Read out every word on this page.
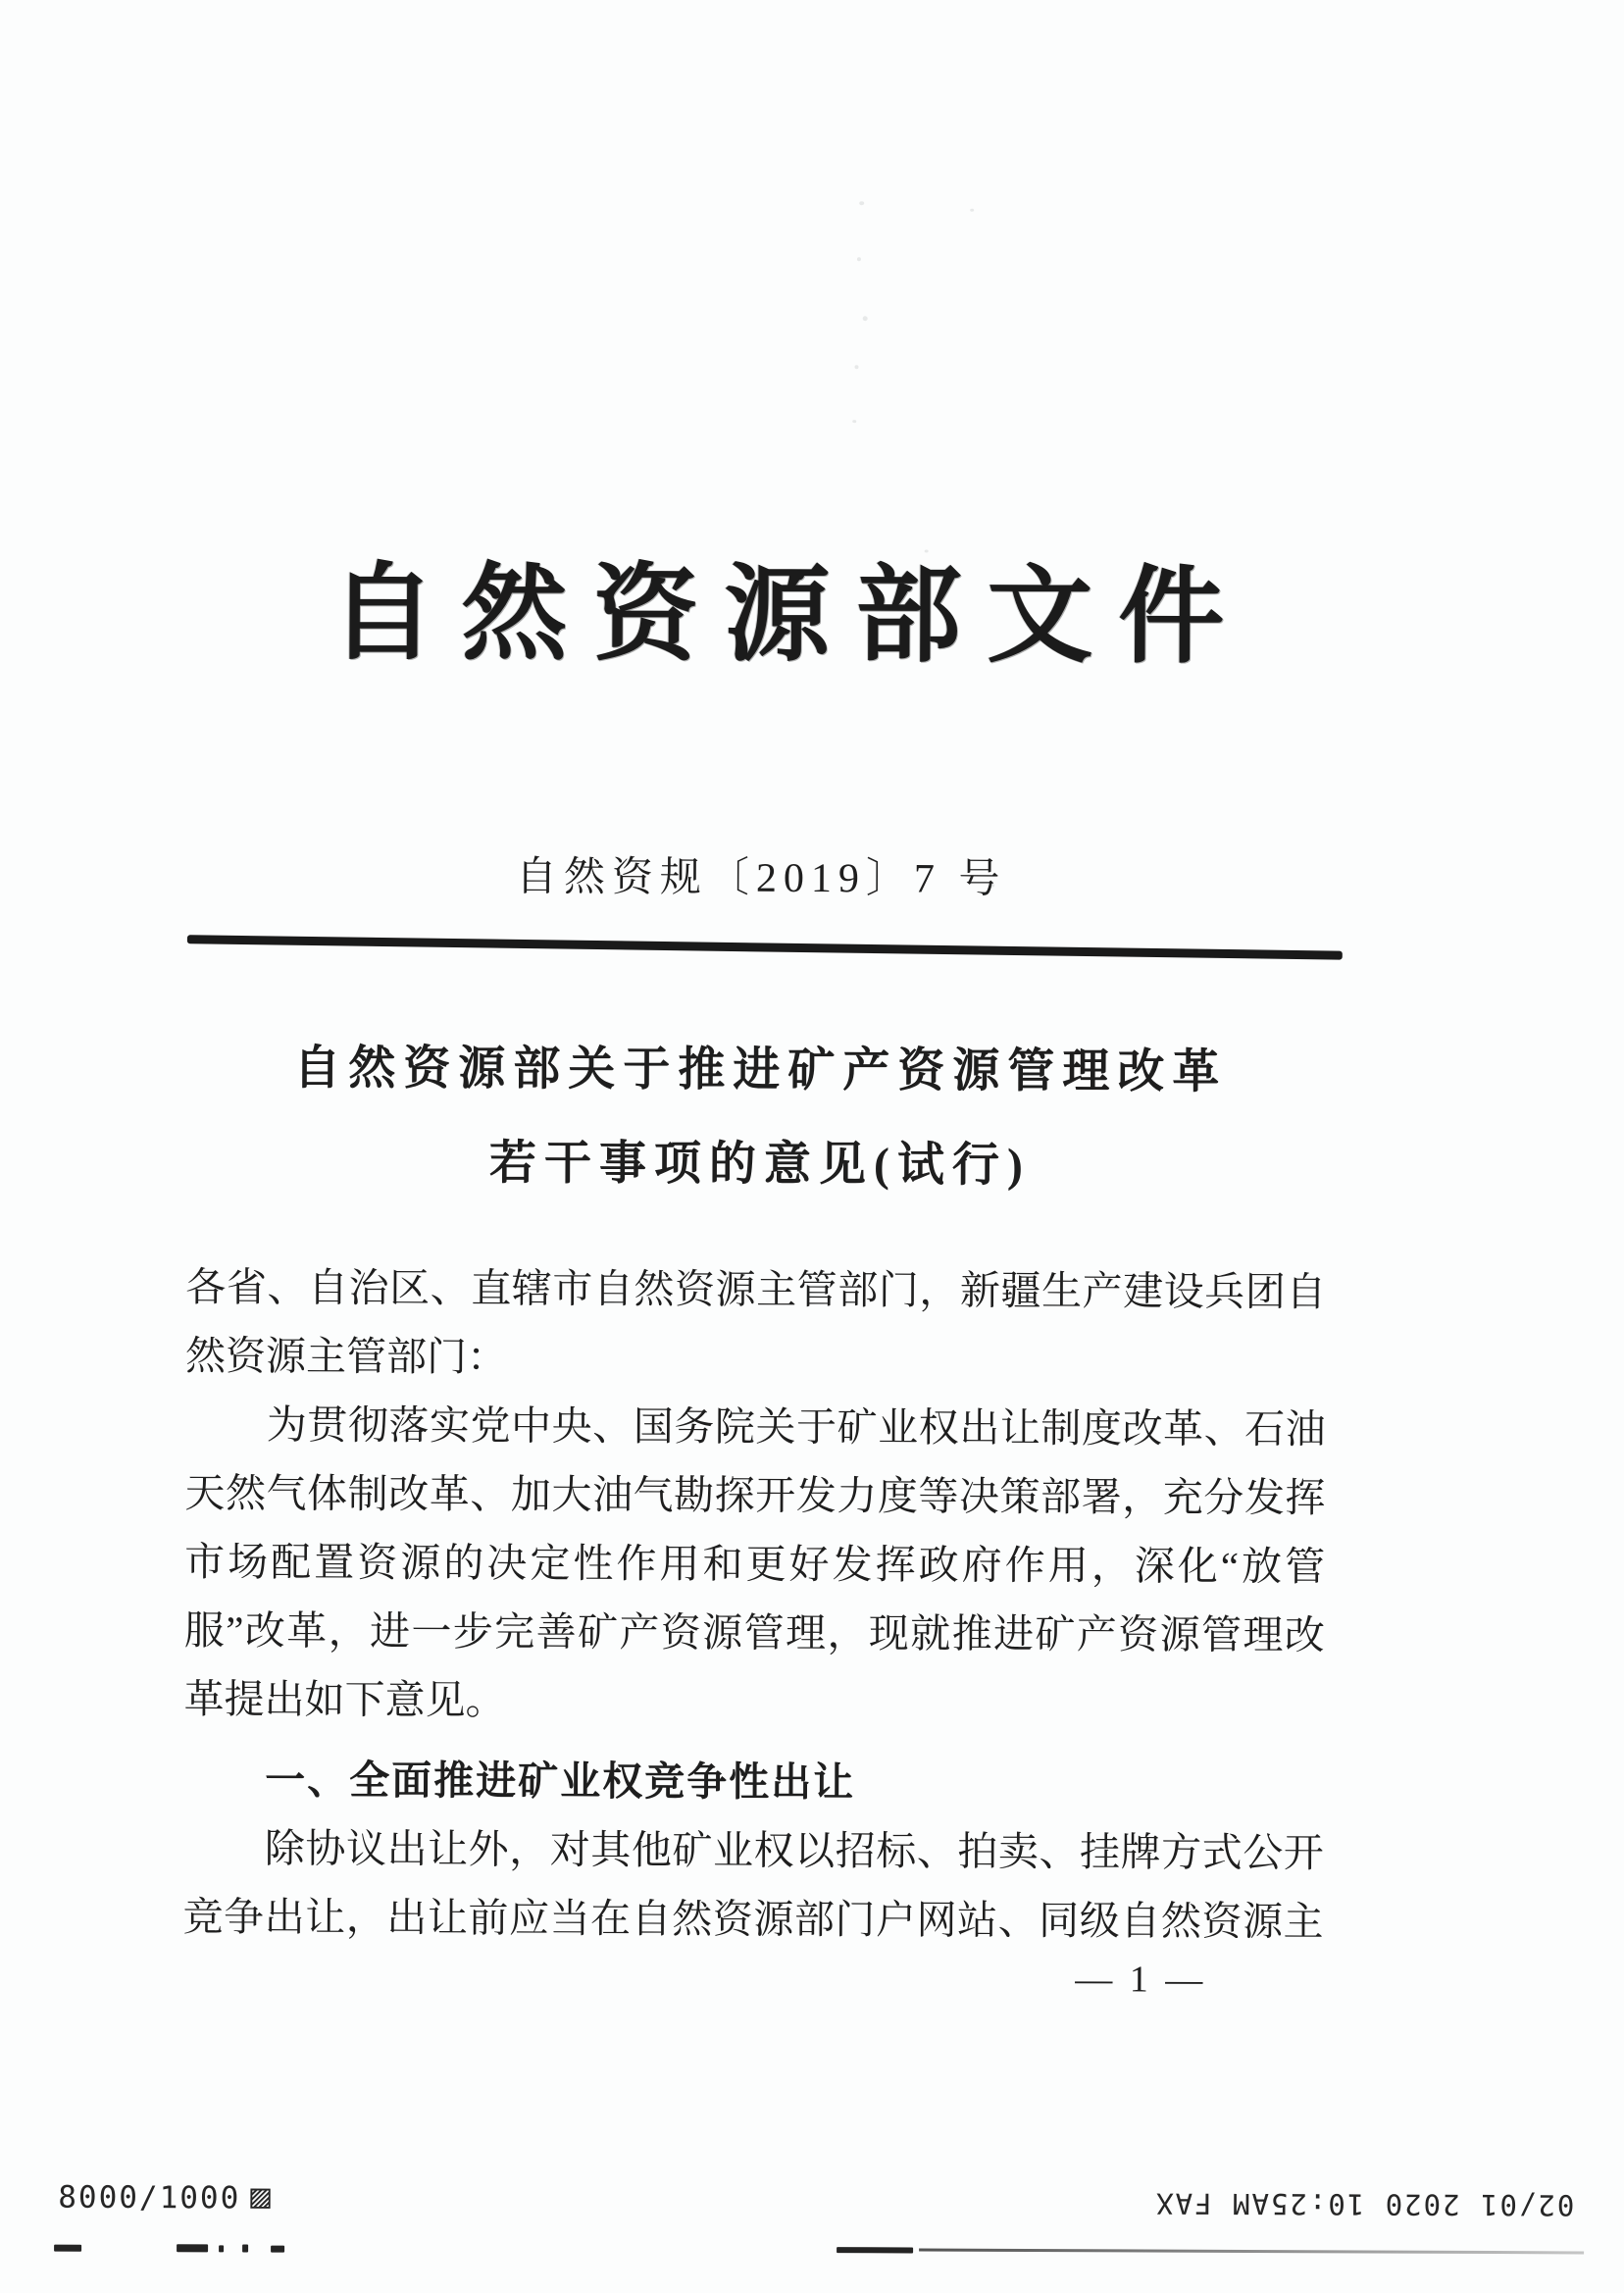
自然资源部文件
自然资规〔2019〕7 号
自然资源部关于推进矿产资源管理改革
若干事项的意见(试行)
各省、自治区、直辖市自然资源主管部门，新疆生产建设兵团自
然资源主管部门：
为贯彻落实党中央、国务院关于矿业权出让制度改革、石油
天然气体制改革、加大油气勘探开发力度等决策部署，充分发挥
市场配置资源的决定性作用和更好发挥政府作用，深化“放管
服”改革，进一步完善矿产资源管理，现就推进矿产资源管理改
革提出如下意见。
一、全面推进矿业权竞争性出让
除协议出让外，对其他矿业权以招标、拍卖、挂牌方式公开
竞争出让，出让前应当在自然资源部门户网站、同级自然资源主
— 1 —
8000/1000 ▨	02/01 2020 10:25AM FAX
